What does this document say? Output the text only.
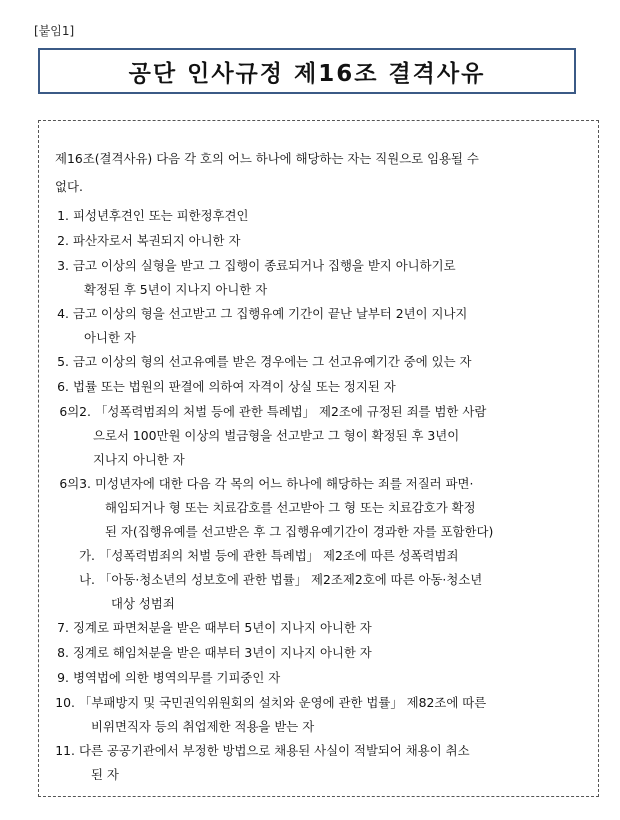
[붙임1]
공단 인사규정 제16조 결격사유
제16조(결격사유) 다음 각 호의 어느 하나에 해당하는 자는 직원으로 임용될 수
없다.
1. 피성년후견인 또는 피한정후견인
2. 파산자로서 복권되지 아니한 자
3. 금고 이상의 실형을 받고 그 집행이 종료되거나 집행을 받지 아니하기로
확정된 후 5년이 지나지 아니한 자
4. 금고 이상의 형을 선고받고 그 집행유예 기간이 끝난 날부터 2년이 지나지
아니한 자
5. 금고 이상의 형의 선고유예를 받은 경우에는 그 선고유예기간 중에 있는 자
6. 법률 또는 법원의 판결에 의하여 자격이 상실 또는 정지된 자
6의2. 「성폭력범죄의 처벌 등에 관한 특례법」 제2조에 규정된 죄를 범한 사람
으로서 100만원 이상의 벌금형을 선고받고 그 형이 확정된 후 3년이
지나지 아니한 자
6의3. 미성년자에 대한 다음 각 목의 어느 하나에 해당하는 죄를 저질러 파면·
해임되거나 형 또는 치료감호를 선고받아 그 형 또는 치료감호가 확정
된 자(집행유예를 선고받은 후 그 집행유예기간이 경과한 자를 포함한다)
가. 「성폭력범죄의 처벌 등에 관한 특례법」 제2조에 따른 성폭력범죄
나. 「아동·청소년의 성보호에 관한 법률」 제2조제2호에 따른 아동·청소년
대상 성범죄
7. 징계로 파면처분을 받은 때부터 5년이 지나지 아니한 자
8. 징계로 해임처분을 받은 때부터 3년이 지나지 아니한 자
9. 병역법에 의한 병역의무를 기피중인 자
10. 「부패방지 및 국민권익위원회의 설치와 운영에 관한 법률」 제82조에 따른
비위면직자 등의 취업제한 적용을 받는 자
11. 다른 공공기관에서 부정한 방법으로 채용된 사실이 적발되어 채용이 취소
된 자
